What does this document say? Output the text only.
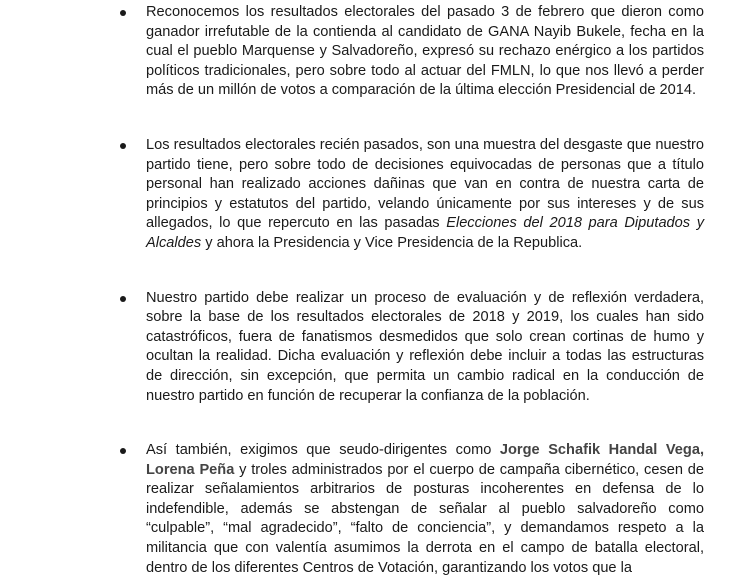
Reconocemos los resultados electorales del pasado 3 de febrero que dieron como ganador irrefutable de la contienda al candidato de GANA Nayib Bukele, fecha en la cual el pueblo Marquense y Salvadoreño, expresó su rechazo enérgico a los partidos políticos tradicionales, pero sobre todo al actuar del FMLN, lo que nos llevó a perder más de un millón de votos a comparación de la última elección Presidencial de 2014.
Los resultados electorales recién pasados, son una muestra del desgaste que nuestro partido tiene, pero sobre todo de decisiones equivocadas de personas que a título personal han realizado acciones dañinas que van en contra de nuestra carta de principios y estatutos del partido, velando únicamente por sus intereses y de sus allegados, lo que repercuto en las pasadas Elecciones del 2018 para Diputados y Alcaldes y ahora la Presidencia y Vice Presidencia de la Republica.
Nuestro partido debe realizar un proceso de evaluación y de reflexión verdadera, sobre la base de los resultados electorales de 2018 y 2019, los cuales han sido catastróficos, fuera de fanatismos desmedidos que solo crean cortinas de humo y ocultan la realidad. Dicha evaluación y reflexión debe incluir a todas las estructuras de dirección, sin excepción, que permita un cambio radical en la conducción de nuestro partido en función de recuperar la confianza de la población.
Así también, exigimos que seudo-dirigentes como Jorge Schafik Handal Vega, Lorena Peña y troles administrados por el cuerpo de campaña cibernético, cesen de realizar señalamientos arbitrarios de posturas incoherentes en defensa de lo indefendible, además se abstengan de señalar al pueblo salvadoreño como “culpable”, “mal agradecido”, “falto de conciencia”, y demandamos respeto a la militancia que con valentía asumimos la derrota en el campo de batalla electoral, dentro de los diferentes Centros de Votación, garantizando los votos que la
